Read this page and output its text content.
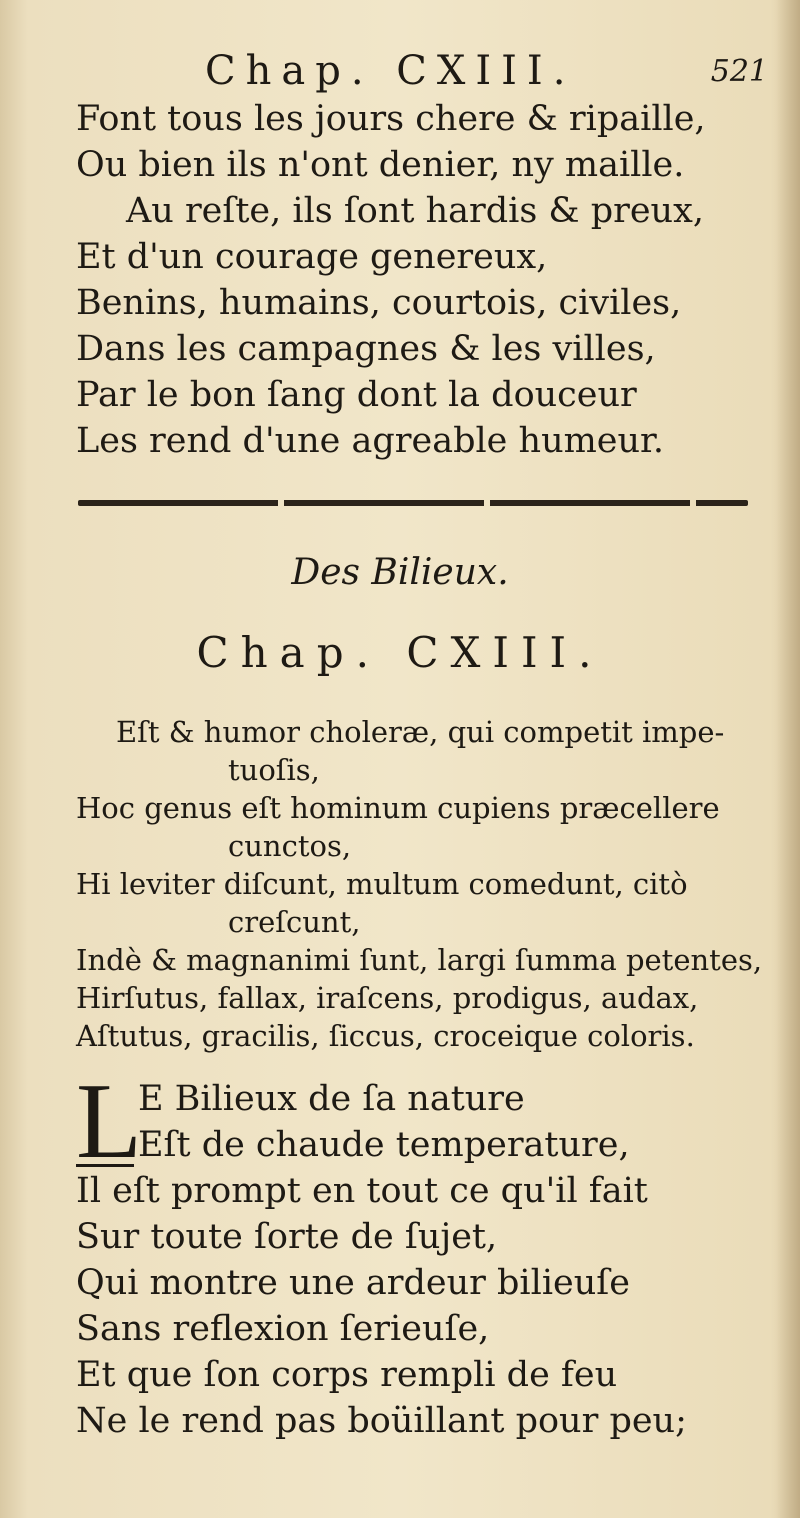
Chap. CXIII.	521
Font tous les jours chere & ripaille,
Ou bien ils n'ont denier, ny maille.
Au reſte, ils ſont hardis & preux,
Et d'un courage genereux,
Benins, humains, courtois, civiles,
Dans les campagnes & les villes,
Par le bon ſang dont la douceur
Les rend d'une agreable humeur.
Des Bilieux.
Chap. CXIII.
Eſt & humor choleræ, qui competit impe-
tuoſis,
Hoc genus eſt hominum cupiens præcellere
cunctos,
Hi leviter diſcunt, multum comedunt, citò
creſcunt,
Indè & magnanimi ſunt, largi ſumma petentes,
Hirſutus, fallax, iraſcens, prodigus, audax,
Aſtutus, gracilis, ſiccus, croceique coloris.
L
E Bilieux de ſa nature
Eſt de chaude temperature,
Il eſt prompt en tout ce qu'il fait
Sur toute ſorte de ſujet,
Qui montre une ardeur bilieuſe
Sans reflexion ſerieuſe,
Et que ſon corps rempli de feu
Ne le rend pas boüillant pour peu;
